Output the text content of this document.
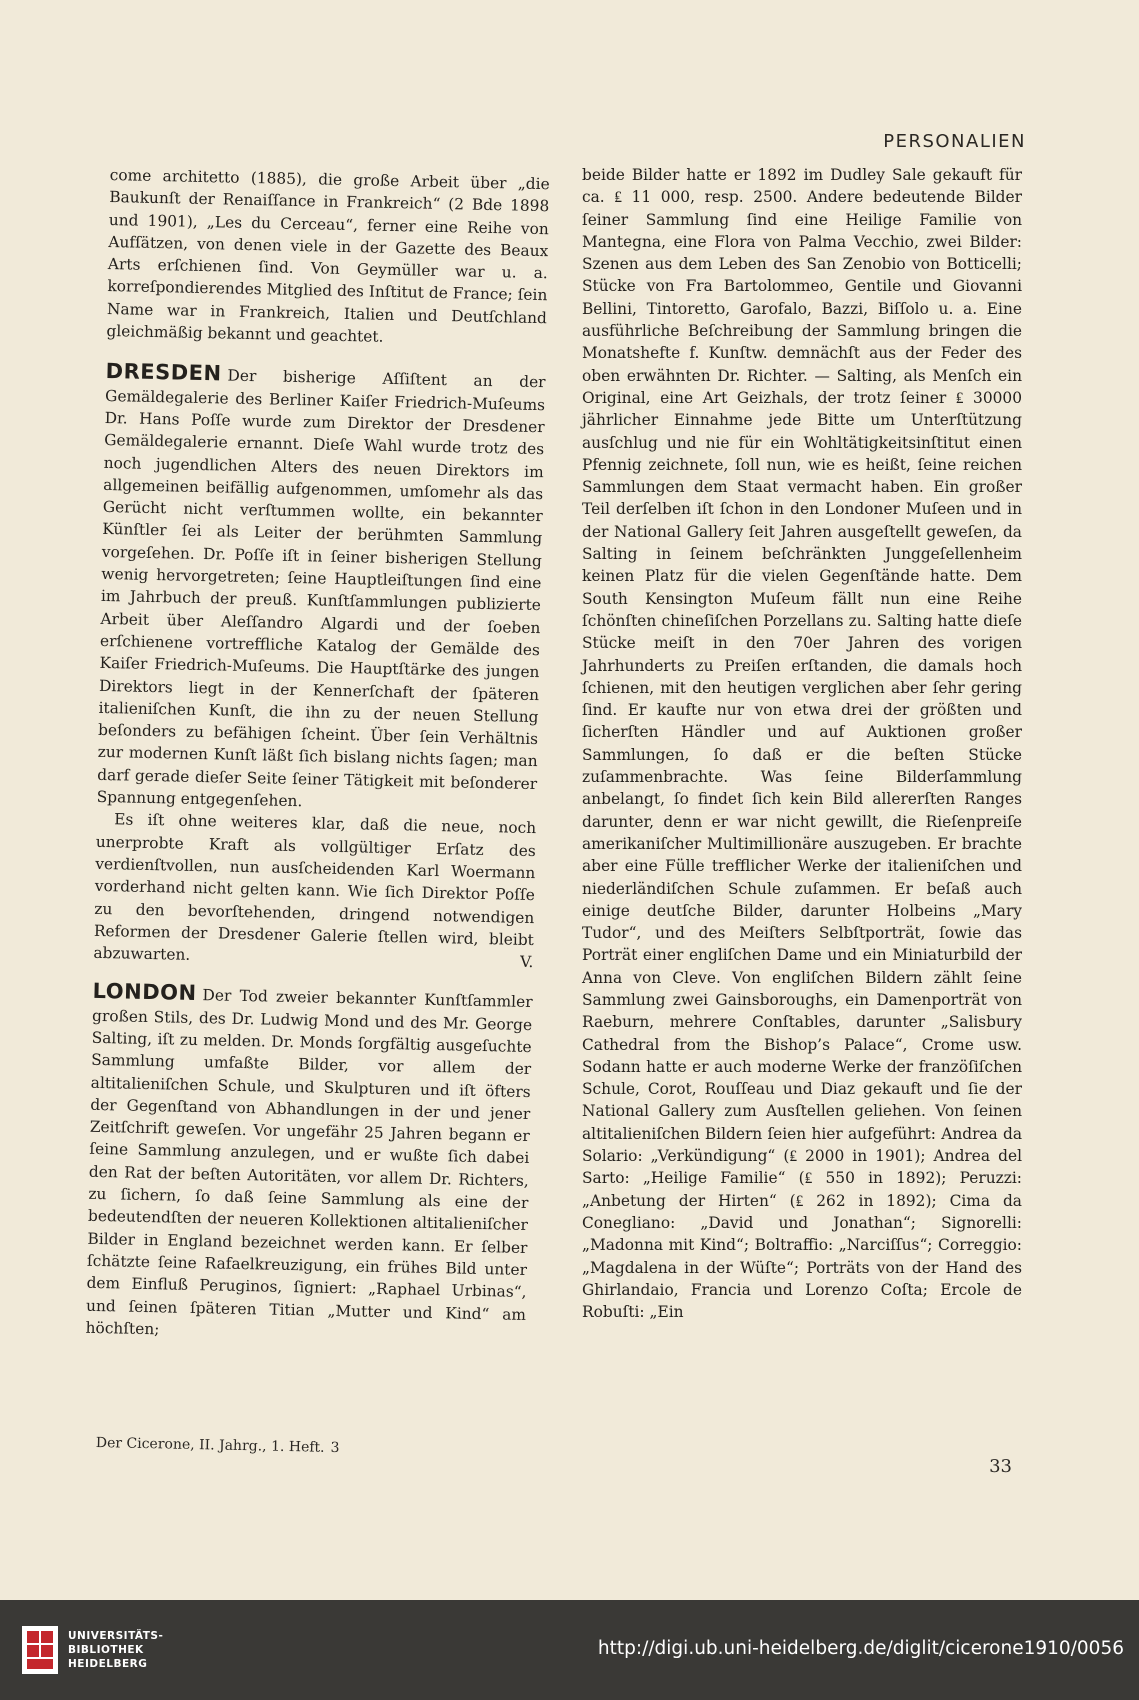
PERSONALIEN

come architetto (1885), die große Arbeit über „die Baukunſt der Renaiſſance in Frankreich“ (2 Bde 1898 und 1901), „Les du Cerceau“, ferner eine Reihe von Aufſätzen, von denen viele in der Gazette des Beaux Arts erſchienen ſind. Von Geymüller war u. a. korreſpondierendes Mitglied des Inſtitut de France; ſein Name war in Frankreich, Italien und Deutſchland gleichmäßig bekannt und geachtet.

DRESDEN Der bisherige Aſſiſtent an der Gemäldegalerie des Berliner Kaiſer Friedrich-Muſeums Dr. Hans Poſſe wurde zum Direktor der Dresdener Gemäldegalerie ernannt. Dieſe Wahl wurde trotz des noch jugendlichen Alters des neuen Direktors im allgemeinen beifällig aufgenommen, umſomehr als das Gerücht nicht verſtummen wollte, ein bekannter Künſtler ſei als Leiter der berühmten Sammlung vorgeſehen. Dr. Poſſe iſt in ſeiner bisherigen Stellung wenig hervorgetreten; ſeine Hauptleiſtungen ſind eine im Jahrbuch der preuß. Kunſtſammlungen publizierte Arbeit über Aleſſandro Algardi und der ſoeben erſchienene vortreffliche Katalog der Gemälde des Kaiſer Friedrich-Muſeums. Die Hauptſtärke des jungen Direktors liegt in der Kennerſchaft der ſpäteren italieniſchen Kunſt, die ihn zu der neuen Stellung beſonders zu befähigen ſcheint. Über ſein Verhältnis zur modernen Kunſt läßt ſich bislang nichts ſagen; man darf gerade dieſer Seite ſeiner Tätigkeit mit beſonderer Spannung entgegenſehen.

Es iſt ohne weiteres klar, daß die neue, noch unerprobte Kraft als vollgültiger Erſatz des verdienſtvollen, nun ausſcheidenden Karl Woermann vorderhand nicht gelten kann. Wie ſich Direktor Poſſe zu den bevorſtehenden, dringend notwendigen Reformen der Dresdener Galerie ſtellen wird, bleibt abzuwarten.	V.

LONDON Der Tod zweier bekannter Kunſtſammler großen Stils, des Dr. Ludwig Mond und des Mr. George Salting, iſt zu melden. Dr. Monds ſorgfältig ausgeſuchte Sammlung umfaßte Bilder, vor allem der altitalieniſchen Schule, und Skulpturen und iſt öfters der Gegenſtand von Abhandlungen in der und jener Zeitſchrift geweſen. Vor ungefähr 25 Jahren begann er ſeine Sammlung anzulegen, und er wußte ſich dabei den Rat der beſten Autoritäten, vor allem Dr. Richters, zu ſichern, ſo daß ſeine Sammlung als eine der bedeutendſten der neueren Kollektionen altitalieniſcher Bilder in England bezeichnet werden kann. Er ſelber ſchätzte ſeine Rafaelkreuzigung, ein frühes Bild unter dem Einfluß Peruginos, ſigniert: „Raphael Urbinas“, und ſeinen ſpäteren Titian „Mutter und Kind“ am höchſten;

beide Bilder hatte er 1892 im Dudley Sale gekauft für ca. ₤ 11 000, resp. 2500. Andere bedeutende Bilder ſeiner Sammlung ſind eine Heilige Familie von Mantegna, eine Flora von Palma Vecchio, zwei Bilder: Szenen aus dem Leben des San Zenobio von Botticelli; Stücke von Fra Bartolommeo, Gentile und Giovanni Bellini, Tintoretto, Garofalo, Bazzi, Biſſolo u. a. Eine ausführliche Beſchreibung der Sammlung bringen die Monatshefte f. Kunſtw. demnächſt aus der Feder des oben erwähnten Dr. Richter. — Salting, als Menſch ein Original, eine Art Geizhals, der trotz ſeiner ₤ 30000 jährlicher Einnahme jede Bitte um Unterſtützung ausſchlug und nie für ein Wohltätigkeitsinſtitut einen Pfennig zeichnete, ſoll nun, wie es heißt, ſeine reichen Sammlungen dem Staat vermacht haben. Ein großer Teil derſelben iſt ſchon in den Londoner Muſeen und in der National Gallery ſeit Jahren ausgeſtellt geweſen, da Salting in ſeinem beſchränkten Junggeſellenheim keinen Platz für die vielen Gegenſtände hatte. Dem South Kensington Muſeum fällt nun eine Reihe ſchönſten chineſiſchen Porzellans zu. Salting hatte dieſe Stücke meiſt in den 70er Jahren des vorigen Jahrhunderts zu Preiſen erſtanden, die damals hoch ſchienen, mit den heutigen verglichen aber ſehr gering ſind. Er kaufte nur von etwa drei der größten und ſicherſten Händler und auf Auktionen großer Sammlungen, ſo daß er die beſten Stücke zuſammenbrachte. Was ſeine Bilderſammlung anbelangt, ſo findet ſich kein Bild allererſten Ranges darunter, denn er war nicht gewillt, die Rieſenpreiſe amerikaniſcher Multimillionäre auszugeben. Er brachte aber eine Fülle trefflicher Werke der italieniſchen und niederländiſchen Schule zuſammen. Er beſaß auch einige deutſche Bilder, darunter Holbeins „Mary Tudor“, und des Meiſters Selbſtporträt, ſowie das Porträt einer engliſchen Dame und ein Miniaturbild der Anna von Cleve. Von engliſchen Bildern zählt ſeine Sammlung zwei Gainsboroughs, ein Damenporträt von Raeburn, mehrere Conſtables, darunter „Salisbury Cathedral from the Bishop’s Palace“, Crome usw. Sodann hatte er auch moderne Werke der franzöſiſchen Schule, Corot, Rouſſeau und Diaz gekauft und ſie der National Gallery zum Ausſtellen geliehen. Von ſeinen altitalieniſchen Bildern ſeien hier aufgeführt: Andrea da Solario: „Verkündigung“ (₤ 2000 in 1901); Andrea del Sarto: „Heilige Familie“ (₤ 550 in 1892); Peruzzi: „Anbetung der Hirten“ (₤ 262 in 1892); Cima da Conegliano: „David und Jonathan“; Signorelli: „Madonna mit Kind“; Boltraffio: „Narciſſus“; Correggio: „Magdalena in der Wüſte“; Porträts von der Hand des Ghirlandaio, Francia und Lorenzo Coſta; Ercole de Robuſti: „Ein

Der Cicerone, II. Jahrg., 1. Heft. 3
33
UNIVERSITÄTS-
BIBLIOTHEK
HEIDELBERG
http://digi.ub.uni-heidelberg.de/diglit/cicerone1910/0056
